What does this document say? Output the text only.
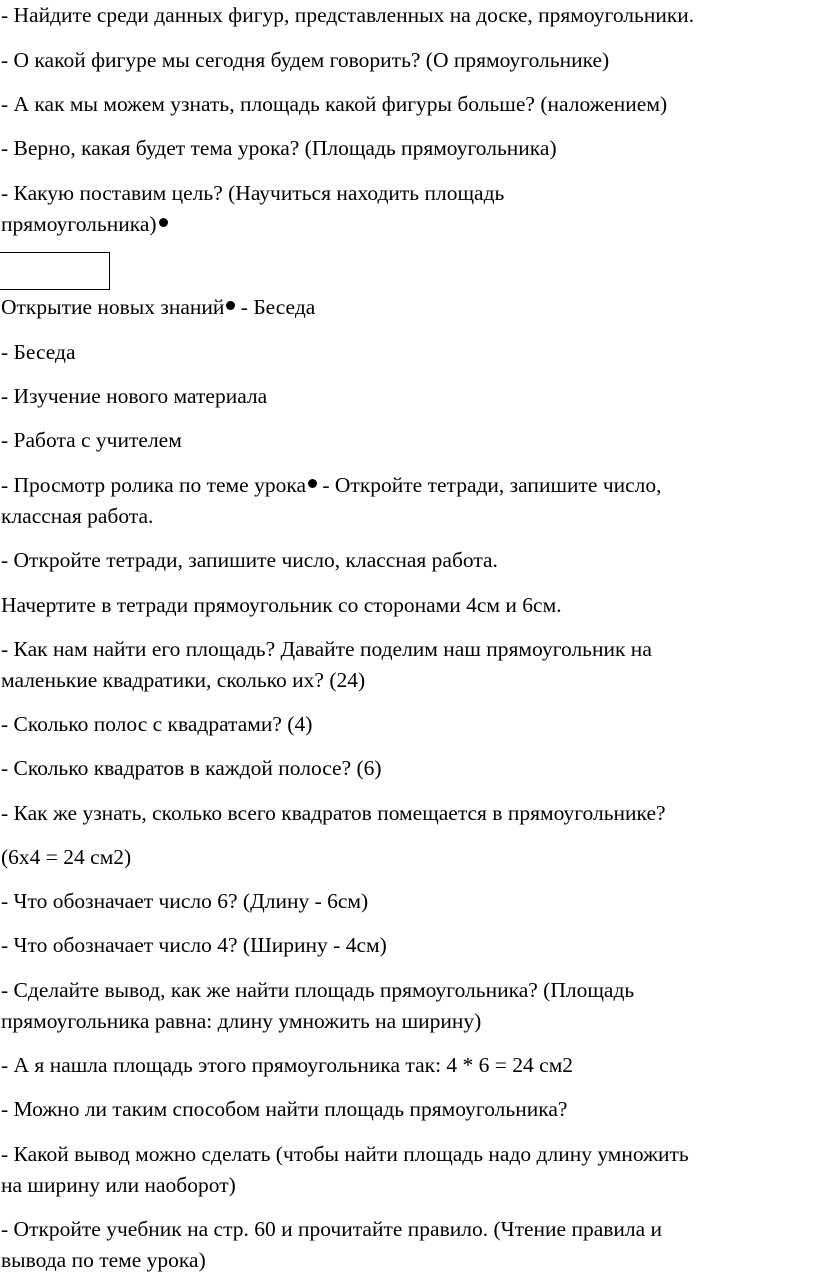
- Найдите среди данных фигур, представленных на доске, прямоугольники.
- О какой фигуре мы сегодня будем говорить? (О прямоугольнике)
- А как мы можем узнать, площадь какой фигуры больше? (наложением)
- Верно, какая будет тема урока? (Площадь прямоугольника)
- Какую поставим цель? (Научиться находить площадь
прямоугольника)
Открытие новых знаний - Беседа
- Беседа
- Изучение нового материала
- Работа с учителем
- Просмотр ролика по теме урока - Откройте тетради, запишите число,
классная работа.
- Откройте тетради, запишите число, классная работа.
Начертите в тетради прямоугольник со сторонами 4см и 6см.
- Как нам найти его площадь? Давайте поделим наш прямоугольник на
маленькие квадратики, сколько их? (24)
- Сколько полос с квадратами? (4)
- Сколько квадратов в каждой полосе? (6)
- Как же узнать, сколько всего квадратов помещается в прямоугольнике?
(6х4 = 24 см2)
- Что обозначает число 6? (Длину - 6см)
- Что обозначает число 4? (Ширину - 4см)
- Сделайте вывод, как же найти площадь прямоугольника? (Площадь
прямоугольника равна: длину умножить на ширину)
- А я нашла площадь этого прямоугольника так: 4 * 6 = 24 см2
- Можно ли таким способом найти площадь прямоугольника?
- Какой вывод можно сделать (чтобы найти площадь надо длину умножить
на ширину или наоборот)
- Откройте учебник на стр. 60 и прочитайте правило. (Чтение правила и
вывода по теме урока)
